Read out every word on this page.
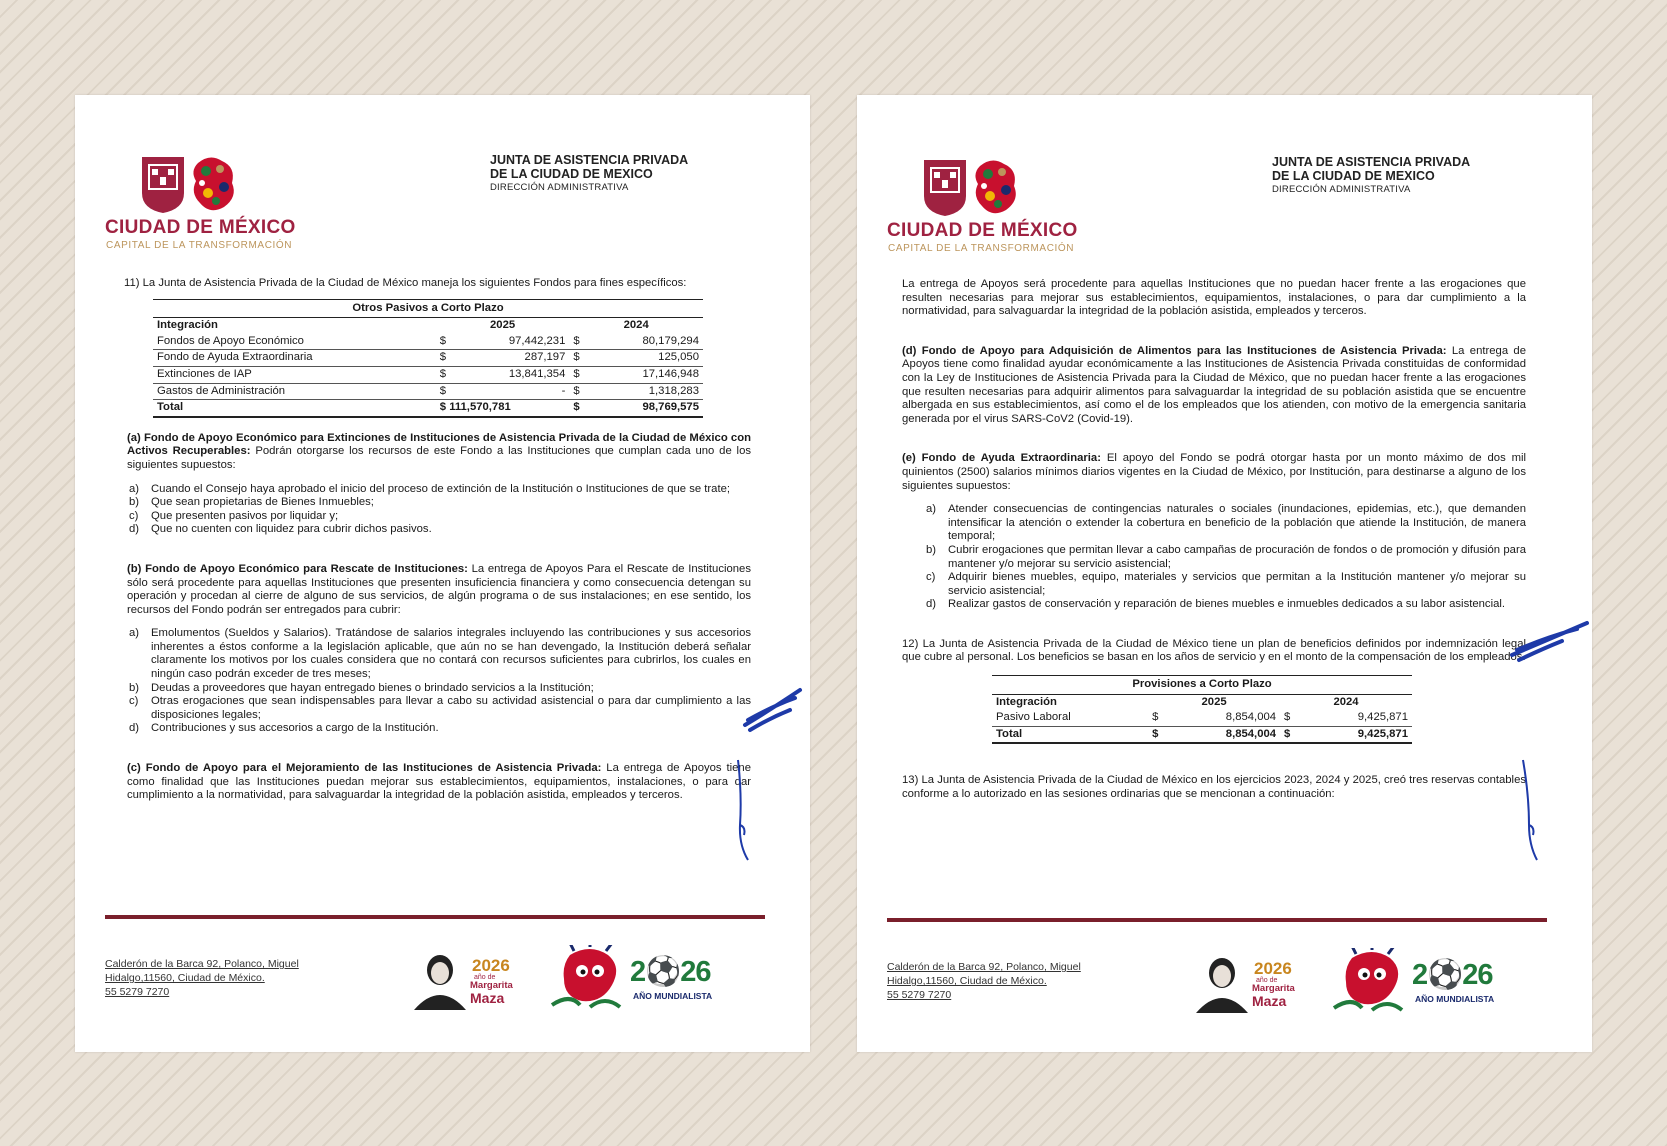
CIUDAD DE MÉXICO
CAPITAL DE LA TRANSFORMACIÓN
JUNTA DE ASISTENCIA PRIVADA
DE LA CIUDAD DE MEXICO
DIRECCIÓN ADMINISTRATIVA

11) La Junta de Asistencia Privada de la Ciudad de México maneja los siguientes Fondos para fines específicos:

Otros Pasivos a Corto Plazo
Integración	2025		2024	
Fondos de Apoyo Económico	$	97,442,231	$	80,179,294
Fondo de Ayuda Extraordinaria	$	287,197	$	125,050
Extinciones de IAP	$	13,841,354	$	17,146,948
Gastos de Administración	$	-	$	1,318,283
Total	$ 111,570,781		$	98,769,575

(a) Fondo de Apoyo Económico para Extinciones de Instituciones de Asistencia Privada de la Ciudad de México con Activos Recuperables: Podrán otorgarse los recursos de este Fondo a las Instituciones que cumplan cada uno de los siguientes supuestos:

a) Cuando el Consejo haya aprobado el inicio del proceso de extinción de la Institución o Instituciones de que se trate;
b) Que sean propietarias de Bienes Inmuebles;
c) Que presenten pasivos por liquidar y;
d) Que no cuenten con liquidez para cubrir dichos pasivos.

(b) Fondo de Apoyo Económico para Rescate de Instituciones: La entrega de Apoyos Para el Rescate de Instituciones sólo será procedente para aquellas Instituciones que presenten insuficiencia financiera y como consecuencia detengan su operación y procedan al cierre de alguno de sus servicios, de algún programa o de sus instalaciones; en ese sentido, los recursos del Fondo podrán ser entregados para cubrir:

a) Emolumentos (Sueldos y Salarios). Tratándose de salarios integrales incluyendo las contribuciones y sus accesorios inherentes a éstos conforme a la legislación aplicable, que aún no se han devengado, la Institución deberá señalar claramente los motivos por los cuales considera que no contará con recursos suficientes para cubrirlos, los cuales en ningún caso podrán exceder de tres meses;
b) Deudas a proveedores que hayan entregado bienes o brindado servicios a la Institución;
c) Otras erogaciones que sean indispensables para llevar a cabo su actividad asistencial o para dar cumplimiento a las disposiciones legales;
d) Contribuciones y sus accesorios a cargo de la Institución.

(c) Fondo de Apoyo para el Mejoramiento de las Instituciones de Asistencia Privada: La entrega de Apoyos tiene como finalidad que las Instituciones puedan mejorar sus establecimientos, equipamientos, instalaciones, o para dar cumplimiento a la normatividad, para salvaguardar la integridad de la población asistida, empleados y terceros.

Calderón de la Barca 92, Polanco, Miguel
Hidalgo,11560, Ciudad de México.
55 5279 7270
2026
año de
Margarita
Maza
2⚽26
AÑO MUNDIALISTA
CIUDAD DE MÉXICO
CAPITAL DE LA TRANSFORMACIÓN
JUNTA DE ASISTENCIA PRIVADA
DE LA CIUDAD DE MEXICO
DIRECCIÓN ADMINISTRATIVA

La entrega de Apoyos será procedente para aquellas Instituciones que no puedan hacer frente a las erogaciones que resulten necesarias para mejorar sus establecimientos, equipamientos, instalaciones, o para dar cumplimiento a la normatividad, para salvaguardar la integridad de la población asistida, empleados y terceros.

(d) Fondo de Apoyo para Adquisición de Alimentos para las Instituciones de Asistencia Privada: La entrega de Apoyos tiene como finalidad ayudar económicamente a las Instituciones de Asistencia Privada constituidas de conformidad con la Ley de Instituciones de Asistencia Privada para la Ciudad de México, que no puedan hacer frente a las erogaciones que resulten necesarias para adquirir alimentos para salvaguardar la integridad de su población asistida que se encuentre albergada en sus establecimientos, así como el de los empleados que los atienden, con motivo de la emergencia sanitaria generada por el virus SARS-CoV2 (Covid-19).

(e) Fondo de Ayuda Extraordinaria: El apoyo del Fondo se podrá otorgar hasta por un monto máximo de dos mil quinientos (2500) salarios mínimos diarios vigentes en la Ciudad de México, por Institución, para destinarse a alguno de los siguientes supuestos:

a) Atender consecuencias de contingencias naturales o sociales (inundaciones, epidemias, etc.), que demanden intensificar la atención o extender la cobertura en beneficio de la población que atiende la Institución, de manera temporal;
b) Cubrir erogaciones que permitan llevar a cabo campañas de procuración de fondos o de promoción y difusión para mantener y/o mejorar su servicio asistencial;
c) Adquirir bienes muebles, equipo, materiales y servicios que permitan a la Institución mantener y/o mejorar su servicio asistencial;
d) Realizar gastos de conservación y reparación de bienes muebles e inmuebles dedicados a su labor asistencial.

12) La Junta de Asistencia Privada de la Ciudad de México tiene un plan de beneficios definidos por indemnización legal que cubre al personal. Los beneficios se basan en los años de servicio y en el monto de la compensación de los empleados.

Provisiones a Corto Plazo
Integración	2025		2024	
Pasivo Laboral	$	8,854,004	$	9,425,871
Total	$	8,854,004	$	9,425,871

13) La Junta de Asistencia Privada de la Ciudad de México en los ejercicios 2023, 2024 y 2025, creó tres reservas contables conforme a lo autorizado en las sesiones ordinarias que se mencionan a continuación:

Calderón de la Barca 92, Polanco, Miguel
Hidalgo,11560, Ciudad de México.
55 5279 7270
2026
año de
Margarita
Maza
2⚽26
AÑO MUNDIALISTA
